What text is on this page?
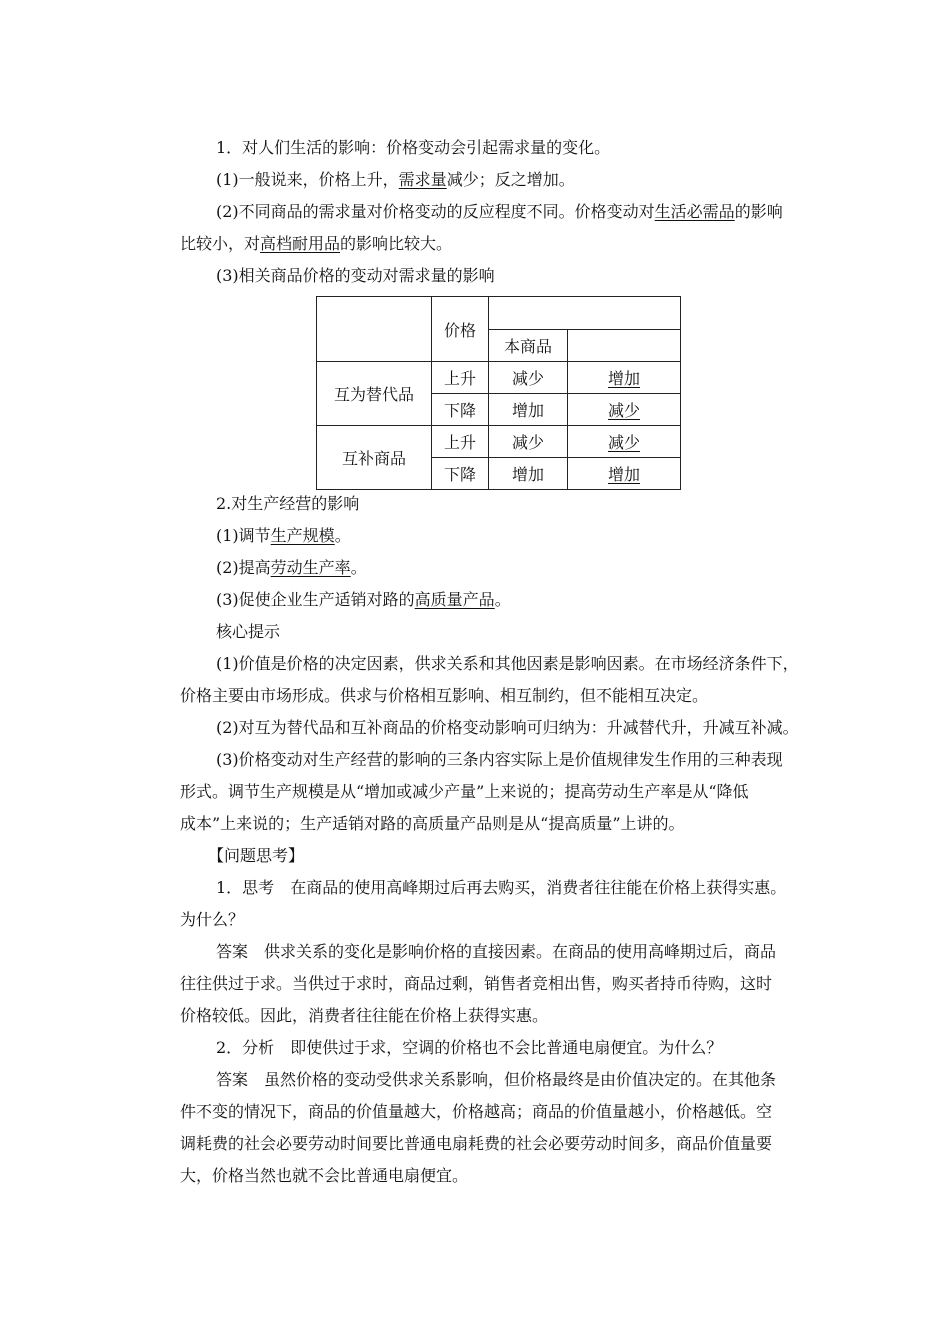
1．对人们生活的影响：价格变动会引起需求量的变化。
(1)一般说来，价格上升，需求量减少；反之增加。
(2)不同商品的需求量对价格变动的反应程度不同。价格变动对生活必需品的影响
比较小，对高档耐用品的影响比较大。
(3)相关商品价格的变动对需求量的影响
	价格		
		本商品	
互为替代品	上升	减少	增加
	下降	增加	减少
互补商品	上升	减少	减少
	下降	增加	增加
2.对生产经营的影响
(1)调节生产规模。
(2)提高劳动生产率。
(3)促使企业生产适销对路的高质量产品。
核心提示
(1)价值是价格的决定因素，供求关系和其他因素是影响因素。在市场经济条件下，
价格主要由市场形成。供求与价格相互影响、相互制约，但不能相互决定。
(2)对互为替代品和互补商品的价格变动影响可归纳为：升减替代升，升减互补减。
(3)价格变动对生产经营的影响的三条内容实际上是价值规律发生作用的三种表现
形式。调节生产规模是从“增加或减少产量”上来说的；提高劳动生产率是从“降低
成本”上来说的；生产适销对路的高质量产品则是从“提高质量”上讲的。
【问题思考】
1．思考 在商品的使用高峰期过后再去购买，消费者往往能在价格上获得实惠。
为什么？
答案 供求关系的变化是影响价格的直接因素。在商品的使用高峰期过后，商品
往往供过于求。当供过于求时，商品过剩，销售者竞相出售，购买者持币待购，这时
价格较低。因此，消费者往往能在价格上获得实惠。
2．分析 即使供过于求，空调的价格也不会比普通电扇便宜。为什么？
答案 虽然价格的变动受供求关系影响，但价格最终是由价值决定的。在其他条
件不变的情况下，商品的价值量越大，价格越高；商品的价值量越小，价格越低。空
调耗费的社会必要劳动时间要比普通电扇耗费的社会必要劳动时间多，商品价值量要
大，价格当然也就不会比普通电扇便宜。
